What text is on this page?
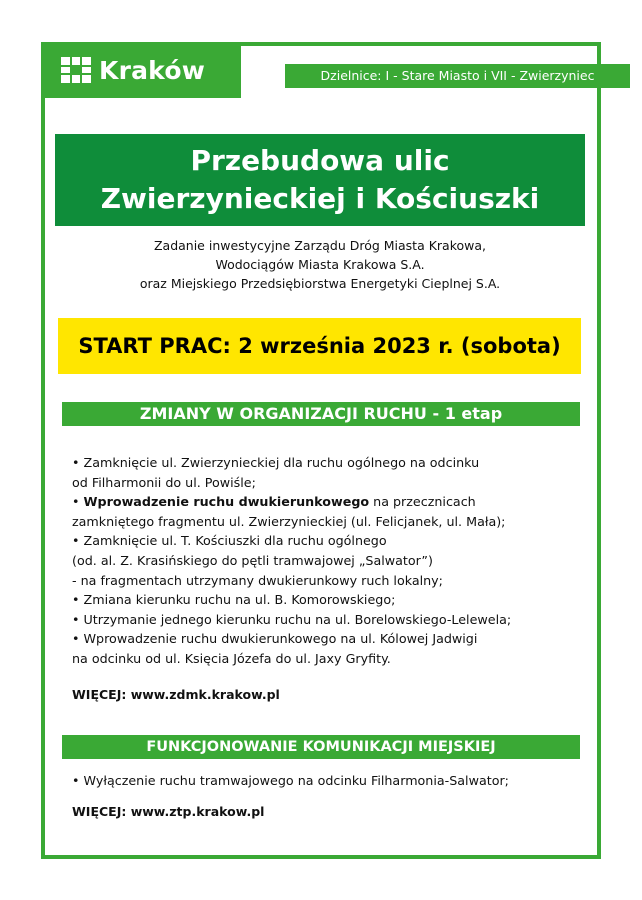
Kraków	Dzielnice: I - Stare Miasto i VII - Zwierzyniec
Przebudowa ulic
Zwierzynieckiej i Kościuszki
Zadanie inwestycyjne Zarządu Dróg Miasta Krakowa,
Wodociągów Miasta Krakowa S.A.
oraz Miejskiego Przedsiębiorstwa Energetyki Cieplnej S.A.
START PRAC: 2 września 2023 r. (sobota)
ZMIANY W ORGANIZACJI RUCHU - 1 etap
• Zamknięcie ul. Zwierzynieckiej dla ruchu ogólnego na odcinku
od Filharmonii do ul. Powiśle;
• Wprowadzenie ruchu dwukierunkowego na przecznicach
zamkniętego fragmentu ul. Zwierzynieckiej (ul. Felicjanek, ul. Mała);
• Zamknięcie ul. T. Kościuszki dla ruchu ogólnego
(od. al. Z. Krasińskiego do pętli tramwajowej „Salwator”)
- na fragmentach utrzymany dwukierunkowy ruch lokalny;
• Zmiana kierunku ruchu na ul. B. Komorowskiego;
• Utrzymanie jednego kierunku ruchu na ul. Borelowskiego-Lelewela;
• Wprowadzenie ruchu dwukierunkowego na ul. Kólowej Jadwigi
na odcinku od ul. Księcia Józefa do ul. Jaxy Gryfity.
WIĘCEJ: www.zdmk.krakow.pl
FUNKCJONOWANIE KOMUNIKACJI MIEJSKIEJ
• Wyłączenie ruchu tramwajowego na odcinku Filharmonia-Salwator;
WIĘCEJ: www.ztp.krakow.pl
